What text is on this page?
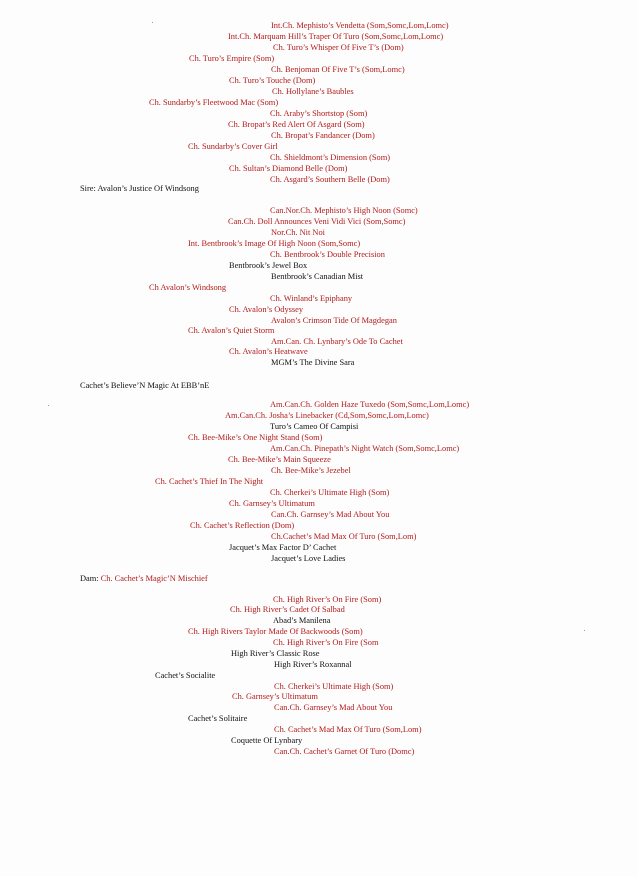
Int.Ch. Mephisto’s Vendetta (Som,Somc,Lom,Lomc)
Int.Ch. Marquam Hill’s Traper Of Turo (Som,Somc,Lom,Lomc)
Ch. Turo’s Whisper Of Five T’s (Dom)
Ch. Turo’s Empire (Som)
Ch. Benjoman Of Five T’s (Som,Lomc)
Ch. Turo’s Touche (Dom)
Ch. Hollylane’s Baubles
Ch. Sundarby’s Fleetwood Mac (Som)
Ch. Araby’s Shortstop (Som)
Ch. Bropat’s Red Alert Of Asgard (Som)
Ch. Bropat’s Fandancer (Dom)
Ch. Sundarby’s Cover Girl
Ch. Shieldmont’s Dimension (Som)
Ch. Sultan’s Diamond Belle (Dom)
Ch. Asgard’s Southern Belle (Dom)
Sire: Avalon’s Justice Of Windsong
Can.Nor.Ch. Mephisto’s High Noon (Somc)
Can.Ch. Doll Announces Veni Vidi Vici (Som,Somc)
Nor.Ch. Nit Noi
Int. Bentbrook’s Image Of High Noon (Som,Somc)
Ch. Bentbrook’s Double Precision
Bentbrook’s Jewel Box
Bentbrook’s Canadian Mist
Ch Avalon’s Windsong
Ch. Winland’s Epiphany
Ch. Avalon’s Odyssey
Avalon’s Crimson Tide Of Magdegan
Ch. Avalon’s Quiet Storm
Am.Can. Ch. Lynbary’s Ode To Cachet
Ch. Avalon’s Heatwave
MGM’s The Divine Sara
Cachet’s Believe’N Magic At EBB’nE
Am.Can.Ch. Golden Haze Tuxedo (Som,Somc,Lom,Lomc)
Am.Can.Ch. Josha’s Linebacker (Cd,Som,Somc,Lom,Lomc)
Turo’s Cameo Of Campisi
Ch. Bee-Mike’s One Night Stand (Som)
Am.Can.Ch. Pinepath’s Night Watch (Som,Somc,Lomc)
Ch. Bee-Mike’s Main Squeeze
Ch. Bee-Mike’s Jezebel
Ch. Cachet’s Thief In The Night
Ch. Cherkei’s Ultimate High (Som)
Ch. Garnsey’s Ultimatum
Can.Ch. Garnsey’s Mad About You
Ch. Cachet’s Reflection (Dom)
Ch.Cachet’s Mad Max Of Turo (Som,Lom)
Jacquet’s Max Factor D’ Cachet
Jacquet’s Love Ladies
Dam: Ch. Cachet’s Magic’N Mischief
Ch. High River’s On Fire (Som)
Ch. High River’s Cadet Of Salbad
Abad’s Manilena
Ch. High Rivers Taylor Made Of Backwoods (Som)
Ch. High River’s On Fire (Som
High River’s Classic Rose
High River’s Roxannal
Cachet’s Socialite
Ch. Cherkei’s Ultimate High (Som)
Ch. Garnsey’s Ultimatum
Can.Ch. Garnsey’s Mad About You
Cachet’s Solitaire
Ch. Cachet’s Mad Max Of Turo (Som,Lom)
Coquette Of Lynbary
Can.Ch. Cachet’s Garnet Of Turo (Domc)
